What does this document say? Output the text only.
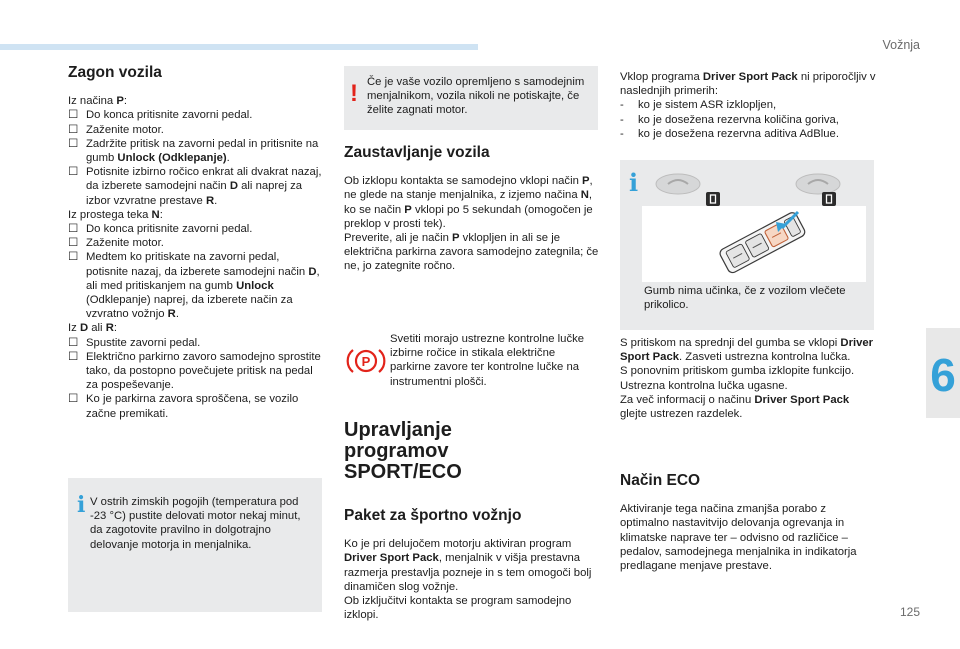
Vožnja
6
125
Zagon vozila

Iz načina P:

☐ Do konca pritisnite zavorni pedal.

☐ Zaženite motor.

☐ Zadržite pritisk na zavorni pedal in pritisnite na gumb Unlock (Odklepanje).

☐ Potisnite izbirno ročico enkrat ali dvakrat nazaj, da izberete samodejni način D ali naprej za izbor vzvratne prestave R.

Iz prostega teka N:

☐ Do konca pritisnite zavorni pedal.

☐ Zaženite motor.

☐ Medtem ko pritiskate na zavorni pedal, potisnite nazaj, da izberete samodejni način D, ali med pritiskanjem na gumb Unlock (Odklepanje) naprej, da izberete način za vzvratno vožnjo R.

Iz D ali R:

☐ Spustite zavorni pedal.

☐ Električno parkirno zavoro samodejno sprostite tako, da postopno povečujete pritisk na pedal za pospeševanje.

☐ Ko je parkirna zavora sproščena, se vozilo začne premikati.

i V ostrih zimskih pogojih (temperatura pod -23 °C) pustite delovati motor nekaj minut, da zagotovite pravilno in dolgotrajno delovanje motorja in menjalnika.

! Če je vaše vozilo opremljeno s samodejnim menjalnikom, vozila nikoli ne potiskajte, če želite zagnati motor.

Zaustavljanje vozila

Ob izklopu kontakta se samodejno vklopi način P, ne glede na stanje menjalnika, z izjemo načina N, ko se način P vklopi po 5 sekundah (omogočen je preklop v prosti tek).

Preverite, ali je način P vklopljen in ali se je električna parkirna zavora samodejno zategnila; če ne, jo zategnite ročno.

P

Svetiti morajo ustrezne kontrolne lučke izbirne ročice in stikala električne parkirne zavore ter kontrolne lučke na instrumentni plošči.

Upravljanje programov SPORT/ECO
Paket za športno vožnjo

Ko je pri delujočem motorju aktiviran program Driver Sport Pack, menjalnik v višja prestavna razmerja prestavlja pozneje in s tem omogoči bolj dinamičen slog vožnje.

Ob izključitvi kontakta se program samodejno izklopi.

Vklop programa Driver Sport Pack ni priporočljiv v naslednjih primerih:

- ko je sistem ASR izklopljen,

- ko je dosežena rezervna količina goriva,

- ko je dosežena rezervna aditiva AdBlue.

i

Gumb nima učinka, če z vozilom vlečete prikolico.

S pritiskom na sprednji del gumba se vklopi Driver Sport Pack. Zasveti ustrezna kontrolna lučka.

S ponovnim pritiskom gumba izklopite funkcijo. Ustrezna kontrolna lučka ugasne.

Za več informacij o načinu Driver Sport Pack glejte ustrezen razdelek.

Način ECO

Aktiviranje tega načina zmanjša porabo z optimalno nastavitvijo delovanja ogrevanja in klimatske naprave ter – odvisno od različice – pedalov, samodejnega menjalnika in indikatorja predlagane menjave prestave.
